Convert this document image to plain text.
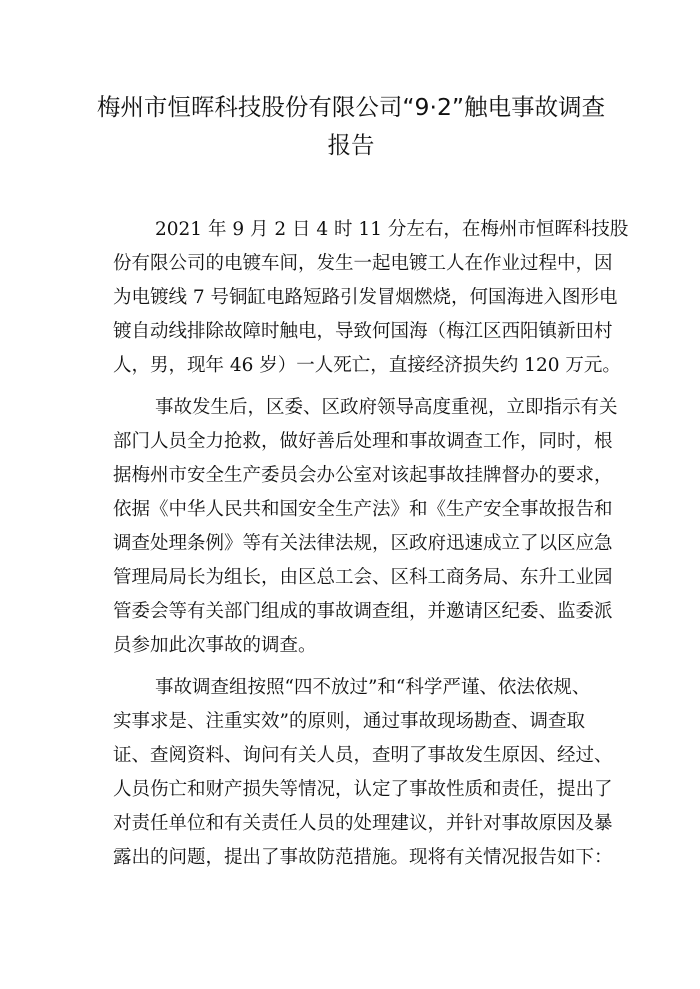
梅州市恒晖科技股份有限公司“9·2”触电事故调查
报告
2021 年 9 月 2 日 4 时 11 分左右，在梅州市恒晖科技股
份有限公司的电镀车间，发生一起电镀工人在作业过程中，因
为电镀线 7 号铜缸电路短路引发冒烟燃烧，何国海进入图形电
镀自动线排除故障时触电，导致何国海（梅江区西阳镇新田村
人，男，现年 46 岁）一人死亡，直接经济损失约 120 万元。
事故发生后，区委、区政府领导高度重视，立即指示有关
部门人员全力抢救，做好善后处理和事故调查工作，同时，根
据梅州市安全生产委员会办公室对该起事故挂牌督办的要求，
依据《中华人民共和国安全生产法》和《生产安全事故报告和
调查处理条例》等有关法律法规，区政府迅速成立了以区应急
管理局局长为组长，由区总工会、区科工商务局、东升工业园
管委会等有关部门组成的事故调查组，并邀请区纪委、监委派
员参加此次事故的调查。
事故调查组按照“四不放过”和“科学严谨、依法依规、
实事求是、注重实效”的原则，通过事故现场勘查、调查取
证、查阅资料、询问有关人员，查明了事故发生原因、经过、
人员伤亡和财产损失等情况，认定了事故性质和责任，提出了
对责任单位和有关责任人员的处理建议，并针对事故原因及暴
露出的问题，提出了事故防范措施。现将有关情况报告如下：
